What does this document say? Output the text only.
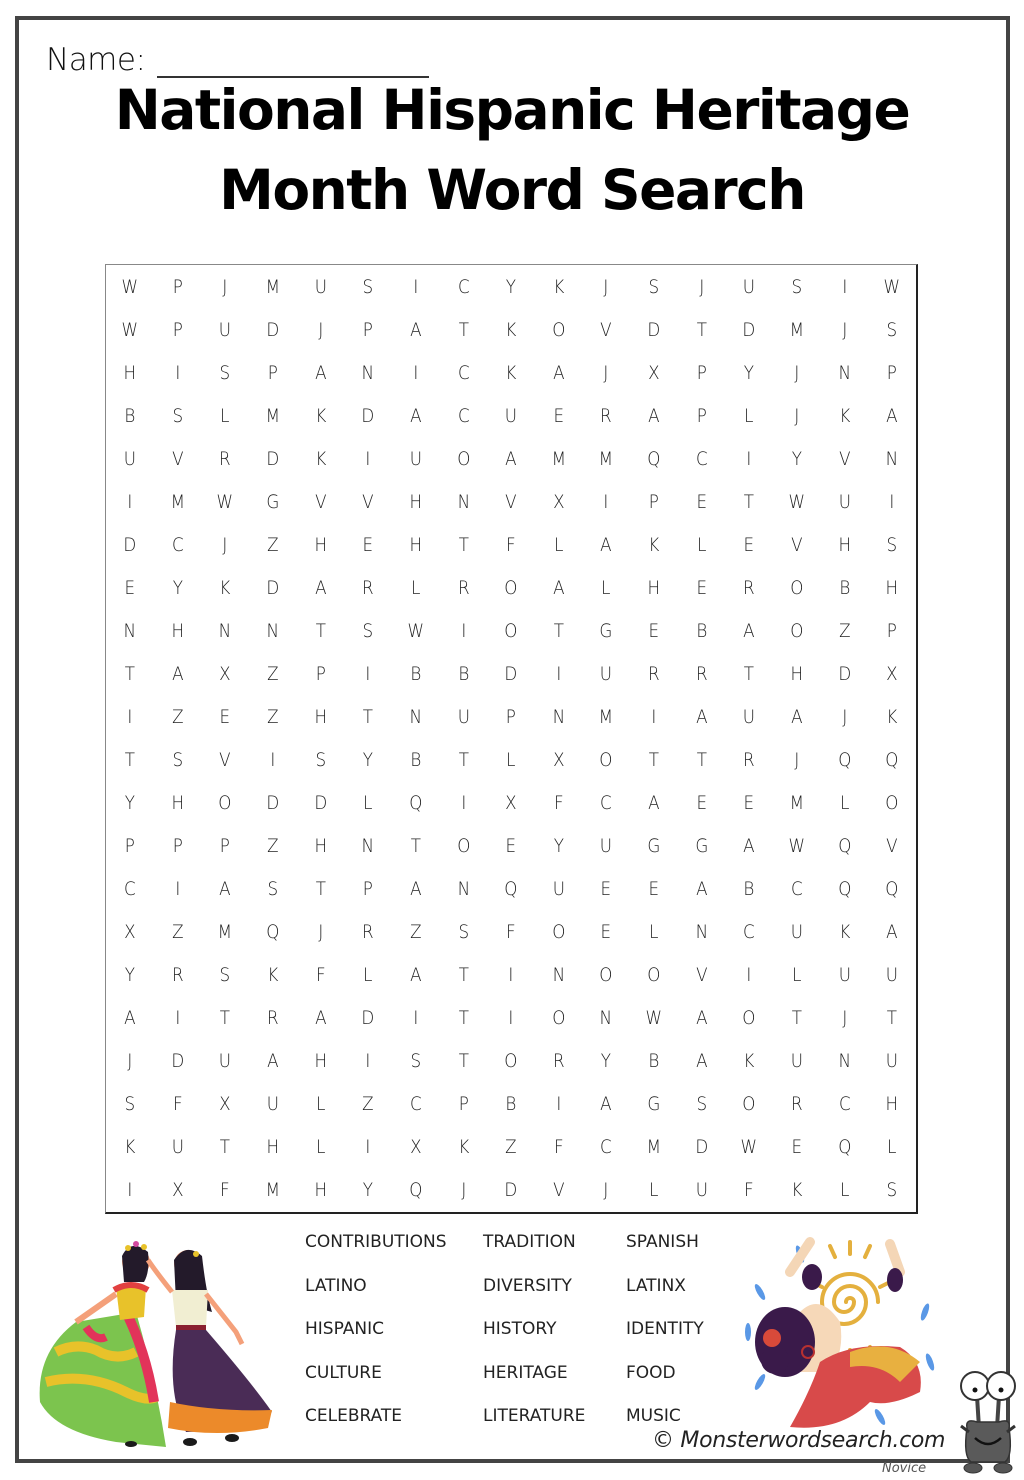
Name:
National Hispanic Heritage
Month Word Search
W	P	J	M	U	S	I	C	Y	K	J	S	J	U	S	I	W
W	P	U	D	J	P	A	T	K	O	V	D	T	D	M	J	S
H	I	S	P	A	N	I	C	K	A	J	X	P	Y	J	N	P
B	S	L	M	K	D	A	C	U	E	R	A	P	L	J	K	A
U	V	R	D	K	I	U	O	A	M	M	Q	C	I	Y	V	N
I	M	W	G	V	V	H	N	V	X	I	P	E	T	W	U	I
D	C	J	Z	H	E	H	T	F	L	A	K	L	E	V	H	S
E	Y	K	D	A	R	L	R	O	A	L	H	E	R	O	B	H
N	H	N	N	T	S	W	I	O	T	G	E	B	A	O	Z	P
T	A	X	Z	P	I	B	B	D	I	U	R	R	T	H	D	X
I	Z	E	Z	H	T	N	U	P	N	M	I	A	U	A	J	K
T	S	V	I	S	Y	B	T	L	X	O	T	T	R	J	Q	Q
Y	H	O	D	D	L	Q	I	X	F	C	A	E	E	M	L	O
P	P	P	Z	H	N	T	O	E	Y	U	G	G	A	W	Q	V
C	I	A	S	T	P	A	N	Q	U	E	E	A	B	C	Q	Q
X	Z	M	Q	J	R	Z	S	F	O	E	L	N	C	U	K	A
Y	R	S	K	F	L	A	T	I	N	O	O	V	I	L	U	U
A	I	T	R	A	D	I	T	I	O	N	W	A	O	T	J	T
J	D	U	A	H	I	S	T	O	R	Y	B	A	K	U	N	U
S	F	X	U	L	Z	C	P	B	I	A	G	S	O	R	C	H
K	U	T	H	L	I	X	K	Z	F	C	M	D	W	E	Q	L
I	X	F	M	H	Y	Q	J	D	V	J	L	U	F	K	L	S
CONTRIBUTIONS	TRADITION	SPANISH
LATINO	DIVERSITY	LATINX
HISPANIC	HISTORY	IDENTITY
CULTURE	HERITAGE	FOOD
CELEBRATE	LITERATURE	MUSIC
© Monsterwordsearch.com
Novice
